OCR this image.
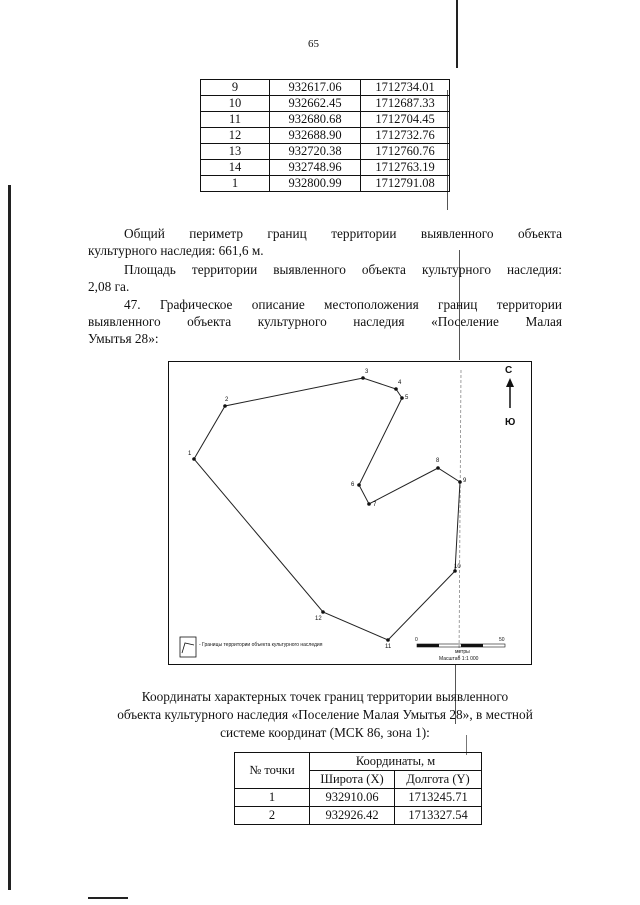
65
9	932617.06	1712734.01
10	932662.45	1712687.33
11	932680.68	1712704.45
12	932688.90	1712732.76
13	932720.38	1712760.76
14	932748.96	1712763.19
1	932800.99	1712791.08

Общий периметр границ территории выявленного объекта

культурного наследия: 661,6 м.

Площадь территории выявленного объекта культурного наследия:

2,08 га.

47. Графическое описание местоположения границ территории

выявленного объекта культурного наследия «Поселение Малая

Умытья 28»:

1
2
3
4
5
6
7
8
9
10
11
12
С
Ю
- Границы территории объекта культурного наследия
0	50
метры
Масштаб 1:1 000
Координаты характерных точек границ территории выявленного
объекта культурного наследия «Поселение Малая Умытья 28», в местной
системе координат (МСК 86, зона 1):
№ точки	Координаты, м	
	Широта (X)	Долгота (Y)
1	932910.06	1713245.71
2	932926.42	1713327.54
